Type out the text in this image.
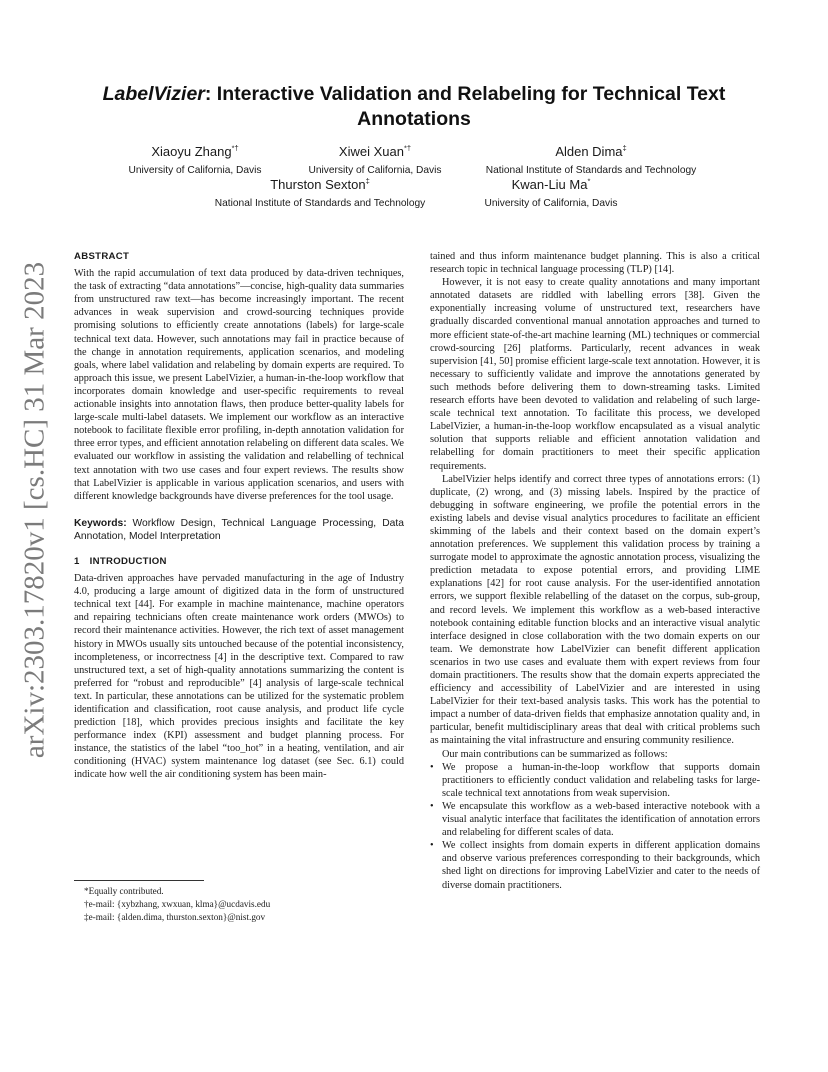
arXiv:2303.17820v1 [cs.HC] 31 Mar 2023
LabelVizier: Interactive Validation and Relabeling for Technical Text Annotations
Xiaoyu Zhang*†
University of California, Davis
Xiwei Xuan*†
University of California, Davis
Alden Dima‡
National Institute of Standards and Technology
Thurston Sexton‡
National Institute of Standards and Technology
Kwan-Liu Ma*
University of California, Davis
ABSTRACT

With the rapid accumulation of text data produced by data-driven techniques, the task of extracting “data annotations”—concise, high-quality data summaries from unstructured raw text—has become increasingly important. The recent advances in weak supervision and crowd-sourcing techniques provide promising solutions to efficiently create annotations (labels) for large-scale technical text data. However, such annotations may fail in practice because of the change in annotation requirements, application scenarios, and modeling goals, where label validation and relabeling by domain experts are required. To approach this issue, we present LabelVizier, a human-in-the-loop workflow that incorporates domain knowledge and user-specific requirements to reveal actionable insights into annotation flaws, then produce better-quality labels for large-scale multi-label datasets. We implement our workflow as an interactive notebook to facilitate flexible error profiling, in-depth annotation validation for three error types, and efficient annotation relabeling on different data scales. We evaluated our workflow in assisting the validation and relabelling of technical text annotation with two use cases and four expert reviews. The results show that LabelVizier is applicable in various application scenarios, and users with different knowledge backgrounds have diverse preferences for the tool usage.

Keywords: Workflow Design, Technical Language Processing, Data Annotation, Model Interpretation

1 INTRODUCTION

Data-driven approaches have pervaded manufacturing in the age of Industry 4.0, producing a large amount of digitized data in the form of unstructured technical text [44]. For example in machine maintenance, machine operators and repairing technicians often create maintenance work orders (MWOs) to record their maintenance activities. However, the rich text of asset management history in MWOs usually sits untouched because of the potential inconsistency, incompleteness, or incorrectness [4] in the descriptive text. Compared to raw unstructured text, a set of high-quality annotations summarizing the content is preferred for “robust and reproducible” [4] analysis of large-scale technical text. In particular, these annotations can be utilized for the systematic problem identification and classification, root cause analysis, and product life cycle prediction [18], which provides precious insights and facilitate the key performance index (KPI) assessment and budget planning process. For instance, the statistics of the label “too_hot” in a heating, ventilation, and air conditioning (HVAC) system maintenance log dataset (see Sec. 6.1) could indicate how well the air conditioning system has been main-

*Equally contributed.
†e-mail: {xybzhang, xwxuan, klma}@ucdavis.edu
‡e-mail: {alden.dima, thurston.sexton}@nist.gov

tained and thus inform maintenance budget planning. This is also a critical research topic in technical language processing (TLP) [14].

However, it is not easy to create quality annotations and many important annotated datasets are riddled with labelling errors [38]. Given the exponentially increasing volume of unstructured text, researchers have gradually discarded conventional manual annotation approaches and turned to more efficient state-of-the-art machine learning (ML) techniques or commercial crowd-sourcing [26] platforms. Particularly, recent advances in weak supervision [41, 50] promise efficient large-scale text annotation. However, it is necessary to sufficiently validate and improve the annotations generated by such methods before delivering them to down-streaming tasks. Limited research efforts have been devoted to validation and relabeling of such large-scale technical text annotation. To facilitate this process, we developed LabelVizier, a human-in-the-loop workflow encapsulated as a visual analytic solution that supports reliable and efficient annotation validation and relabelling for domain practitioners to meet their specific application requirements.

LabelVizier helps identify and correct three types of annotations errors: (1) duplicate, (2) wrong, and (3) missing labels. Inspired by the practice of debugging in software engineering, we profile the potential errors in the existing labels and devise visual analytics procedures to facilitate an efficient skimming of the labels and their context based on the domain expert’s annotation preferences. We supplement this validation process by training a surrogate model to approximate the agnostic annotation process, visualizing the prediction metadata to expose potential errors, and providing LIME explanations [42] for root cause analysis. For the user-identified annotation errors, we support flexible relabelling of the dataset on the corpus, sub-group, and record levels. We implement this workflow as a web-based interactive notebook containing editable function blocks and an interactive visual analytic interface designed in close collaboration with the two domain experts on our team. We demonstrate how LabelVizier can benefit different application scenarios in two use cases and evaluate them with expert reviews from four domain practitioners. The results show that the domain experts appreciated the efficiency and accessibility of LabelVizier and are interested in using LabelVizier for their text-based analysis tasks. This work has the potential to impact a number of data-driven fields that emphasize annotation quality and, in particular, benefit multidisciplinary areas that deal with critical problems such as maintaining the vital infrastructure and ensuring community resilience.

Our main contributions can be summarized as follows:

• We propose a human-in-the-loop workflow that supports domain practitioners to efficiently conduct validation and relabeling tasks for large-scale technical text annotations from weak supervision.
• We encapsulate this workflow as a web-based interactive notebook with a visual analytic interface that facilitates the identification of annotation errors and relabeling for different scales of data.
• We collect insights from domain experts in different application domains and observe various preferences corresponding to their backgrounds, which shed light on directions for improving LabelVizier and cater to the needs of diverse domain practitioners.
